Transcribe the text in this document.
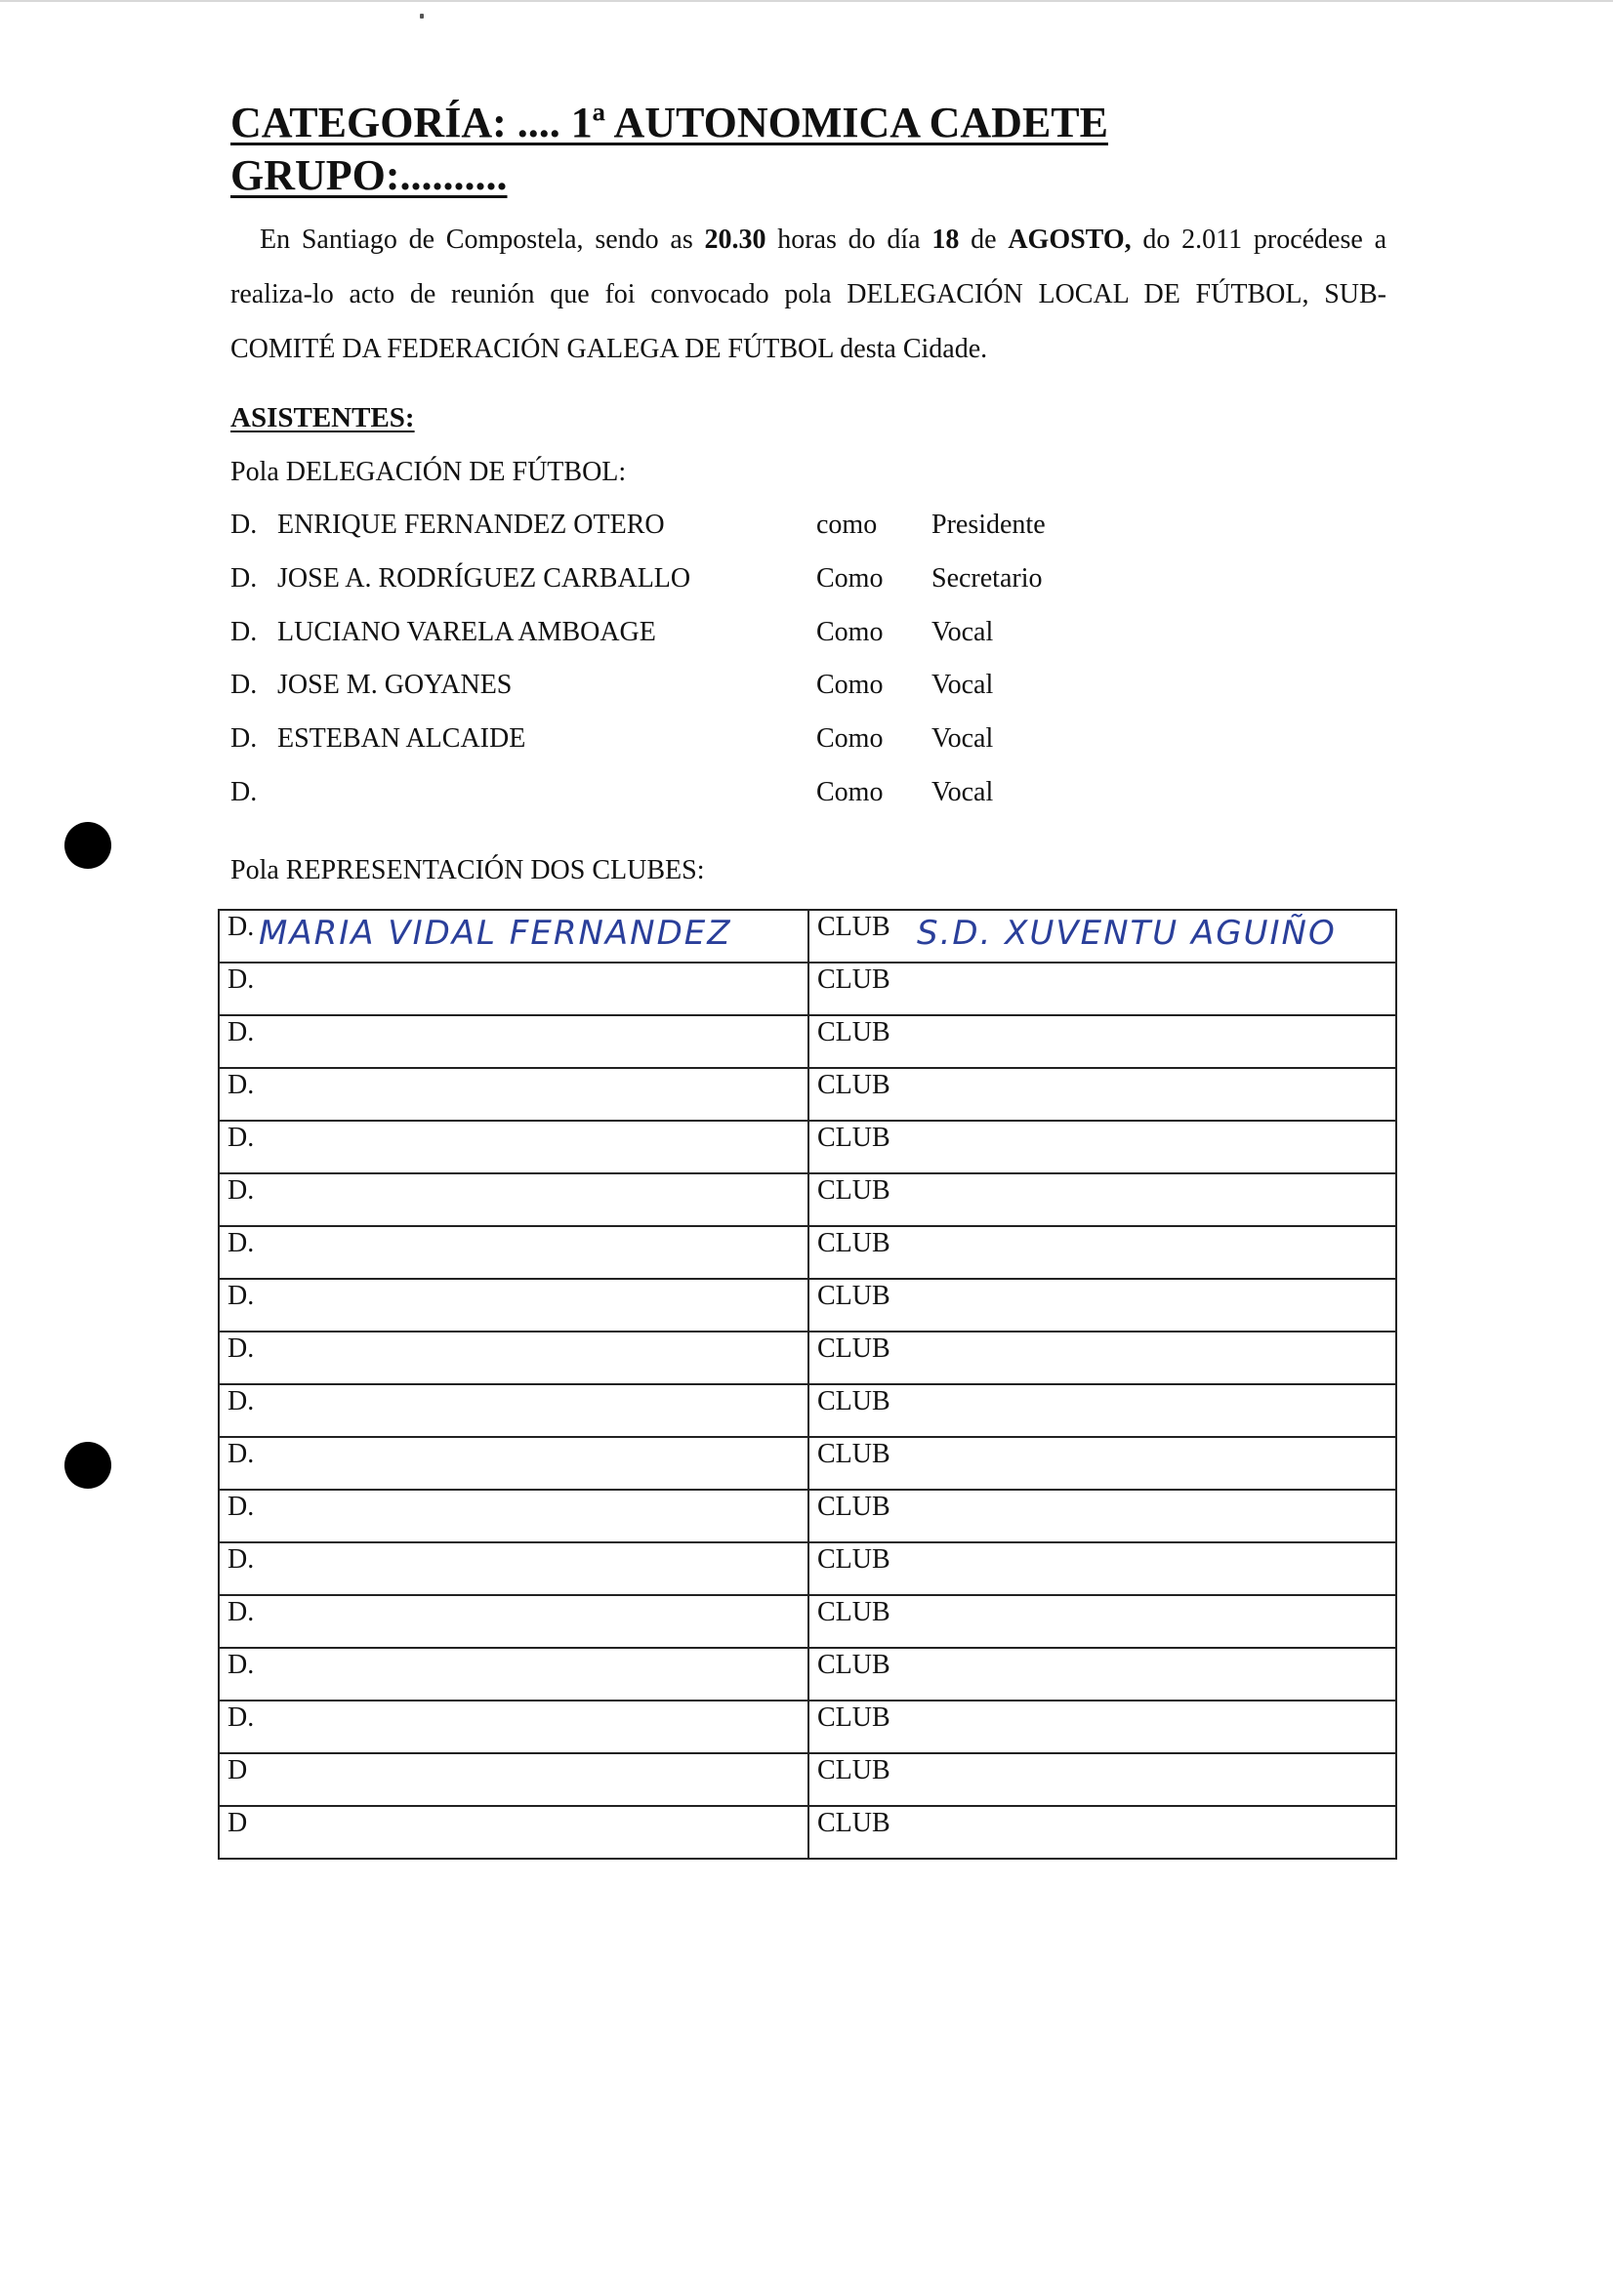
CATEGORÍA: .... 1ª AUTONOMICA CADETE
GRUPO:..........

En Santiago de Compostela, sendo as 20.30 horas do día 18 de AGOSTO, do 2.011 procédese a realiza-lo acto de reunión que foi convocado pola DELEGACIÓN LOCAL DE FÚTBOL, SUB-COMITÉ DA FEDERACIÓN GALEGA DE FÚTBOL desta Cidade.

ASISTENTES:
Pola DELEGACIÓN DE FÚTBOL:
D. ENRIQUE FERNANDEZ OTERO	como Presidente
D. JOSE A. RODRÍGUEZ CARBALLO	Como Secretario
D. LUCIANO VARELA AMBOAGE	Como Vocal
D. JOSE M. GOYANES	Como Vocal
D. ESTEBAN ALCAIDE	Como Vocal
D.	Como Vocal
Pola REPRESENTACIÓN DOS CLUBES:
D. MARIA VIDAL FERNANDEZ	CLUB S.D. XUVENTU AGUIÑO

D.	CLUB
D.	CLUB
D.	CLUB
D.	CLUB
D.	CLUB
D.	CLUB
D.	CLUB
D.	CLUB
D.	CLUB
D.	CLUB
D.	CLUB
D.	CLUB
D.	CLUB
D.	CLUB
D.	CLUB
D	CLUB
D	CLUB
